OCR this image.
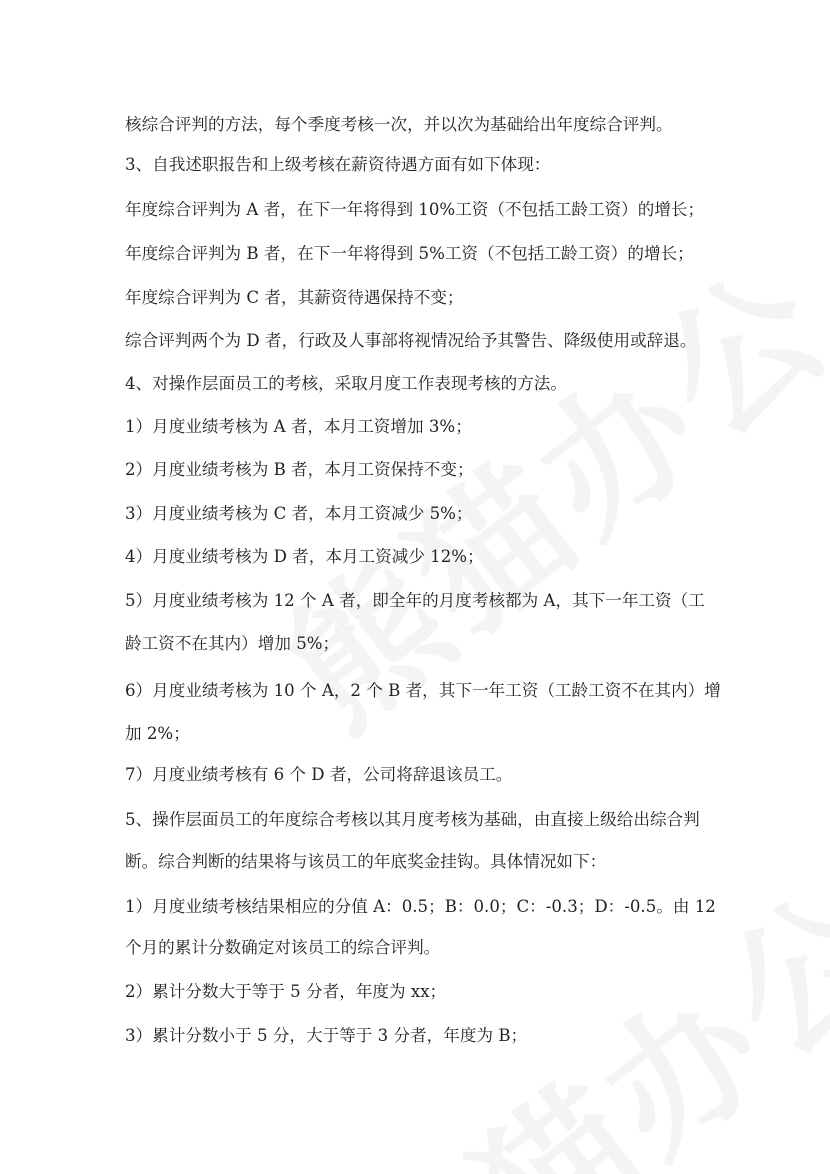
核综合评判的方法，每个季度考核一次，并以次为基础给出年度综合评判。
3、自我述职报告和上级考核在薪资待遇方面有如下体现：
年度综合评判为 A 者，在下一年将得到 10%工资（不包括工龄工资）的增长；
年度综合评判为 B 者，在下一年将得到 5%工资（不包括工龄工资）的增长；
年度综合评判为 C 者，其薪资待遇保持不变；
综合评判两个为 D 者，行政及人事部将视情况给予其警告、降级使用或辞退。
4、对操作层面员工的考核，采取月度工作表现考核的方法。
1）月度业绩考核为 A 者，本月工资增加 3%；
2）月度业绩考核为 B 者，本月工资保持不变；
3）月度业绩考核为 C 者，本月工资减少 5%；
4）月度业绩考核为 D 者，本月工资减少 12%；
5）月度业绩考核为 12 个 A 者，即全年的月度考核都为 A，其下一年工资（工
龄工资不在其内）增加 5%；
6）月度业绩考核为 10 个 A，2 个 B 者，其下一年工资（工龄工资不在其内）增
加 2%；
7）月度业绩考核有 6 个 D 者，公司将辞退该员工。
5、操作层面员工的年度综合考核以其月度考核为基础，由直接上级给出综合判
断。综合判断的结果将与该员工的年底奖金挂钩。具体情况如下：
1）月度业绩考核结果相应的分值 A：0.5；B：0.0；C：-0.3；D：-0.5。由 12
个月的累计分数确定对该员工的综合评判。
2）累计分数大于等于 5 分者，年度为 xx；
3）累计分数小于 5 分，大于等于 3 分者，年度为 B；
